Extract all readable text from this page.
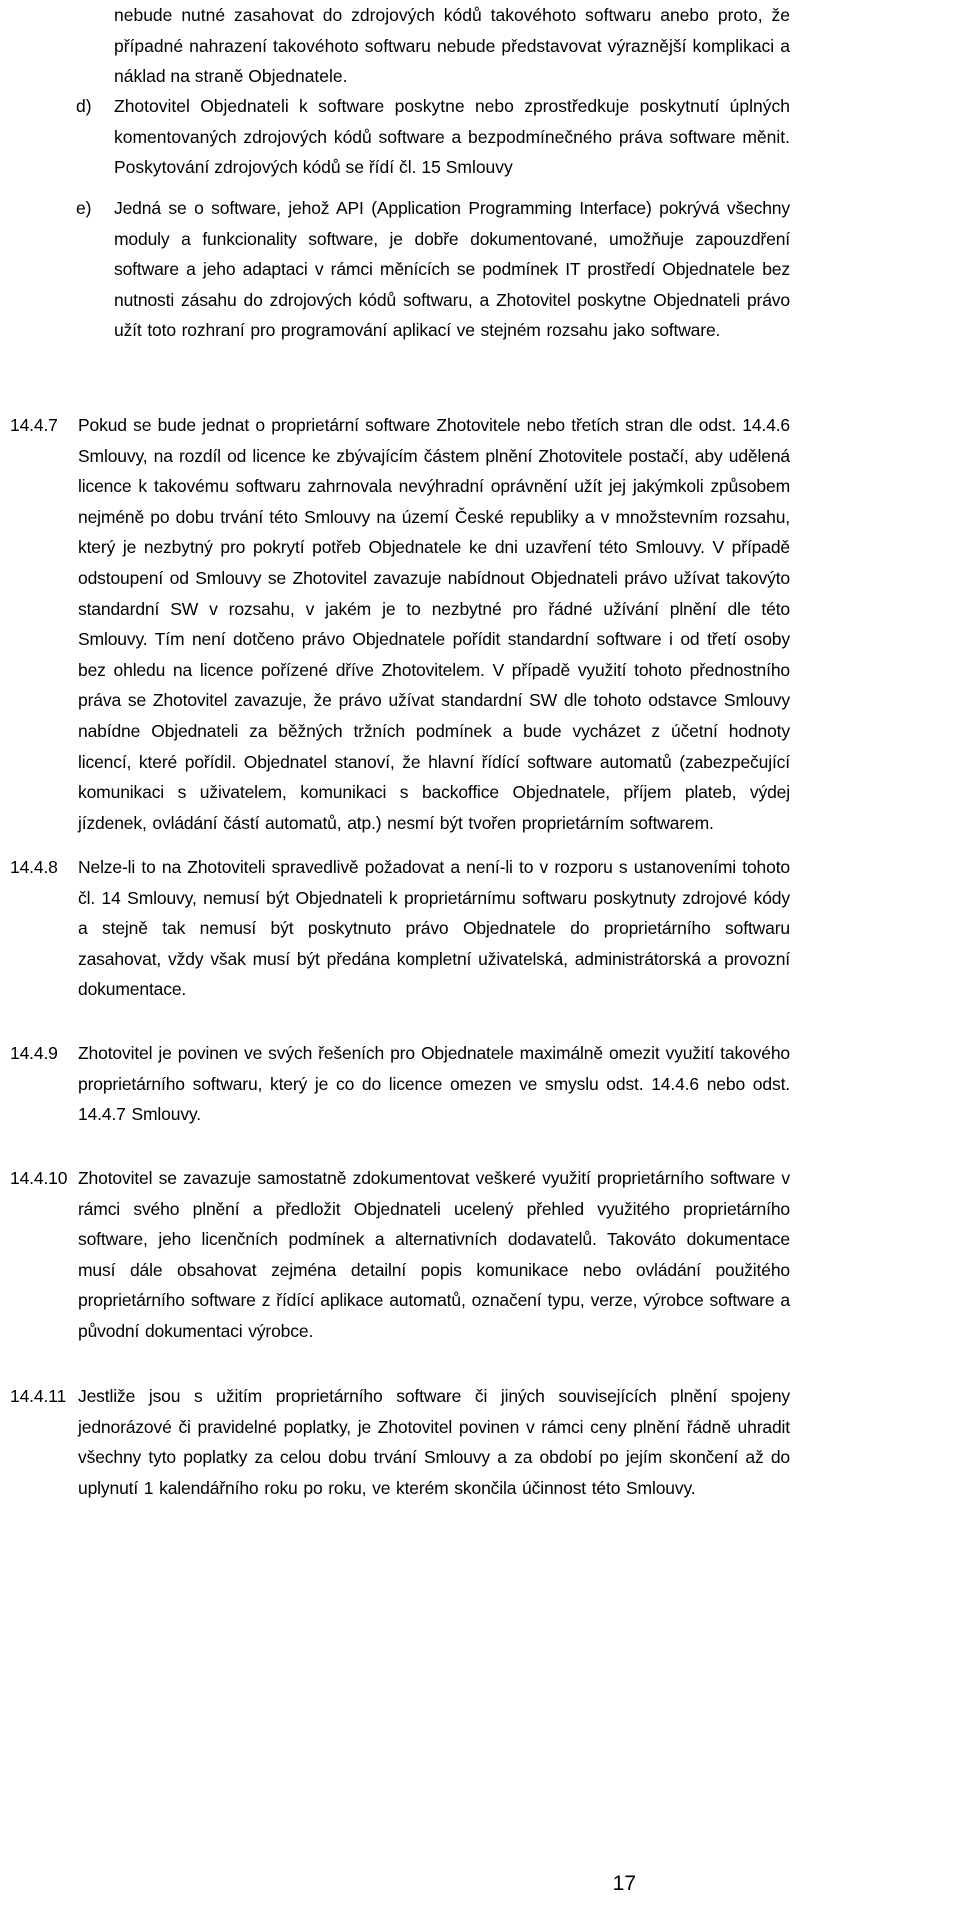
nebude nutné zasahovat do zdrojových kódů takovéhoto softwaru anebo proto, že případné nahrazení takovéhoto softwaru nebude představovat výraznější komplikaci a náklad na straně Objednatele.
d) Zhotovitel Objednateli k software poskytne nebo zprostředkuje poskytnutí úplných komentovaných zdrojových kódů software a bezpodmínečného práva software měnit. Poskytování zdrojových kódů se řídí čl. 15 Smlouvy
e) Jedná se o software, jehož API (Application Programming Interface) pokrývá všechny moduly a funkcionality software, je dobře dokumentované, umožňuje zapouzdření software a jeho adaptaci v rámci měnících se podmínek IT prostředí Objednatele bez nutnosti zásahu do zdrojových kódů softwaru, a Zhotovitel poskytne Objednateli právo užít toto rozhraní pro programování aplikací ve stejném rozsahu jako software.
14.4.7 Pokud se bude jednat o proprietární software Zhotovitele nebo třetích stran dle odst. 14.4.6 Smlouvy, na rozdíl od licence ke zbývajícím částem plnění Zhotovitele postačí, aby udělená licence k takovému softwaru zahrnovala nevýhradní oprávnění užít jej jakýmkoli způsobem nejméně po dobu trvání této Smlouvy na území České republiky a v množstevním rozsahu, který je nezbytný pro pokrytí potřeb Objednatele ke dni uzavření této Smlouvy. V případě odstoupení od Smlouvy se Zhotovitel zavazuje nabídnout Objednateli právo užívat takovýto standardní SW v rozsahu, v jakém je to nezbytné pro řádné užívání plnění dle této Smlouvy. Tím není dotčeno právo Objednatele pořídit standardní software i od třetí osoby bez ohledu na licence pořízené dříve Zhotovitelem. V případě využití tohoto přednostního práva se Zhotovitel zavazuje, že právo užívat standardní SW dle tohoto odstavce Smlouvy nabídne Objednateli za běžných tržních podmínek a bude vycházet z účetní hodnoty licencí, které pořídil. Objednatel stanoví, že hlavní řídící software automatů (zabezpečující komunikaci s uživatelem, komunikaci s backoffice Objednatele, příjem plateb, výdej jízdenek, ovládání částí automatů, atp.) nesmí být tvořen proprietárním softwarem.
14.4.8 Nelze-li to na Zhotoviteli spravedlivě požadovat a není-li to v rozporu s ustanoveními tohoto čl. 14 Smlouvy, nemusí být Objednateli k proprietárnímu softwaru poskytnuty zdrojové kódy a stejně tak nemusí být poskytnuto právo Objednatele do proprietárního softwaru zasahovat, vždy však musí být předána kompletní uživatelská, administrátorská a provozní dokumentace.
14.4.9 Zhotovitel je povinen ve svých řešeních pro Objednatele maximálně omezit využití takového proprietárního softwaru, který je co do licence omezen ve smyslu odst. 14.4.6 nebo odst. 14.4.7 Smlouvy.
14.4.10 Zhotovitel se zavazuje samostatně zdokumentovat veškeré využití proprietárního software v rámci svého plnění a předložit Objednateli ucelený přehled využitého proprietárního software, jeho licenčních podmínek a alternativních dodavatelů. Takováto dokumentace musí dále obsahovat zejména detailní popis komunikace nebo ovládání použitého proprietárního software z řídící aplikace automatů, označení typu, verze, výrobce software a původní dokumentaci výrobce.
14.4.11 Jestliže jsou s užitím proprietárního software či jiných souvisejících plnění spojeny jednorázové či pravidelné poplatky, je Zhotovitel povinen v rámci ceny plnění řádně uhradit všechny tyto poplatky za celou dobu trvání Smlouvy a za období po jejím skončení až do uplynutí 1 kalendářního roku po roku, ve kterém skončila účinnost této Smlouvy.
17
